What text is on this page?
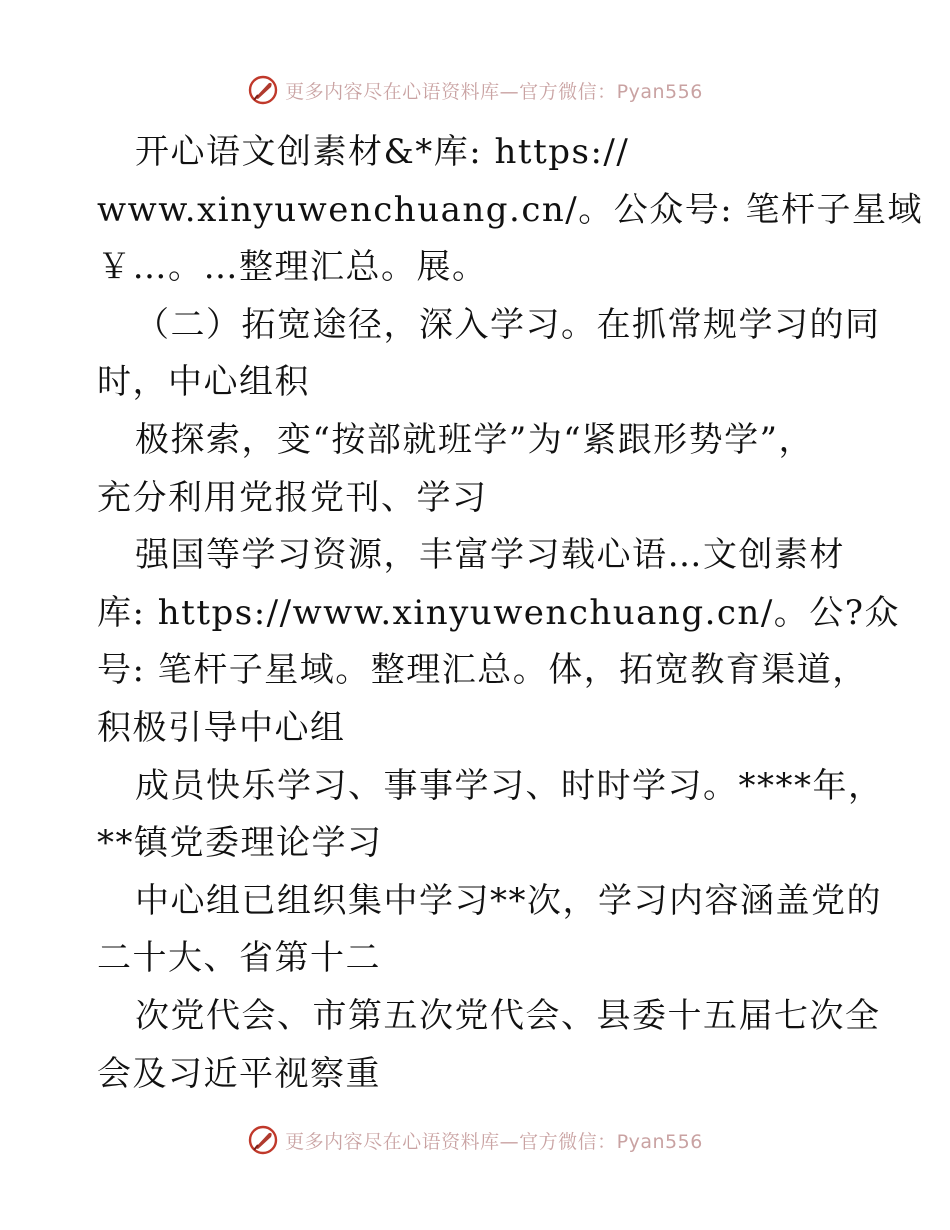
更多内容尽在心语资料库—官方微信：Pyan556
开心语文创素材&*库: https://
www.xinyuwenchuang.cn/。公众号: 笔杆子星域
￥…。…整理汇总。展。
（二）拓宽途径，深入学习。在抓常规学习的同
时，中心组积
极探索，变“按部就班学”为“紧跟形势学”，
充分利用党报党刊、学习
强国等学习资源，丰富学习载心语…文创素材
库: https://www.xinyuwenchuang.cn/。公?众
号: 笔杆子星域。整理汇总。体，拓宽教育渠道，
积极引导中心组
成员快乐学习、事事学习、时时学习。****年，
**镇党委理论学习
中心组已组织集中学习**次，学习内容涵盖党的
二十大、省第十二
次党代会、市第五次党代会、县委十五届七次全
会及习近平视察重
更多内容尽在心语资料库—官方微信：Pyan556
